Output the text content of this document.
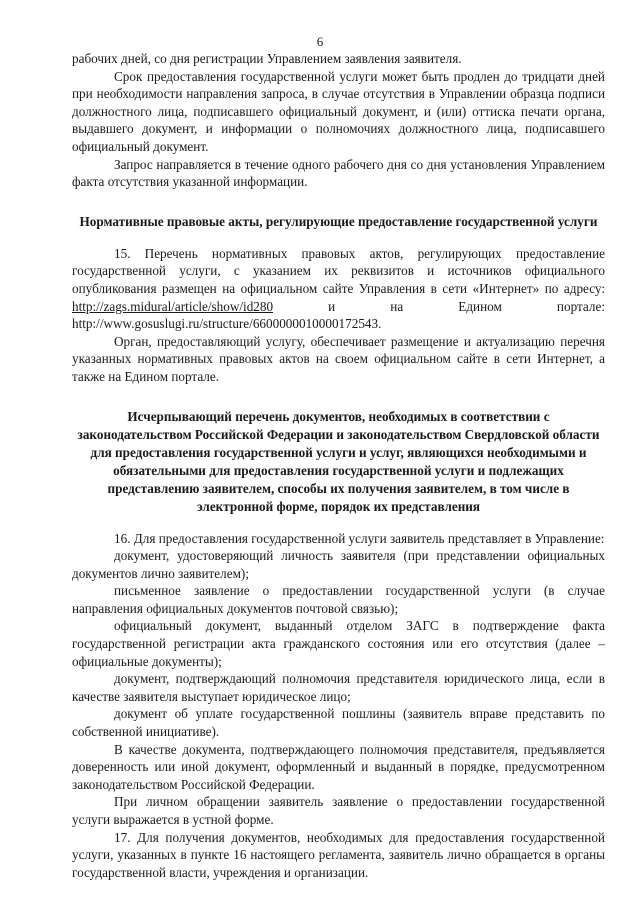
6

рабочих дней, со дня регистрации Управлением заявления заявителя.

Срок предоставления государственной услуги может быть продлен до тридцати дней при необходимости направления запроса, в случае отсутствия в Управлении образца подписи должностного лица, подписавшего официальный документ, и (или) оттиска печати органа, выдавшего документ, и информации о полномочиях должностного лица, подписавшего официальный документ.

Запрос направляется в течение одного рабочего дня со дня установления Управлением факта отсутствия указанной информации.

Нормативные правовые акты, регулирующие предоставление государственной услуги

15. Перечень нормативных правовых актов, регулирующих предоставление государственной услуги, с указанием их реквизитов и источников официального опубликования размещен на официальном сайте Управления в сети «Интернет» по адресу: http://zags.midural/article/show/id280 и на Едином портале: http://www.gosuslugi.ru/structure/6600000010000172543.

Орган, предоставляющий услугу, обеспечивает размещение и актуализацию перечня указанных нормативных правовых актов на своем официальном сайте в сети Интернет, а также на Едином портале.

Исчерпывающий перечень документов, необходимых в соответствии с законодательством Российской Федерации и законодательством Свердловской области для предоставления государственной услуги и услуг, являющихся необходимыми и обязательными для предоставления государственной услуги и подлежащих представлению заявителем, способы их получения заявителем, в том числе в электронной форме, порядок их представления

16. Для предоставления государственной услуги заявитель представляет в Управление:

документ, удостоверяющий личность заявителя (при представлении официальных документов лично заявителем);

письменное заявление о предоставлении государственной услуги (в случае направления официальных документов почтовой связью);

официальный документ, выданный отделом ЗАГС в подтверждение факта государственной регистрации акта гражданского состояния или его отсутствия (далее – официальные документы);

документ, подтверждающий полномочия представителя юридического лица, если в качестве заявителя выступает юридическое лицо;

документ об уплате государственной пошлины (заявитель вправе представить по собственной инициативе).

В качестве документа, подтверждающего полномочия представителя, предъявляется доверенность или иной документ, оформленный и выданный в порядке, предусмотренном законодательством Российской Федерации.

При личном обращении заявитель заявление о предоставлении государственной услуги выражается в устной форме.

17. Для получения документов, необходимых для предоставления государственной услуги, указанных в пункте 16 настоящего регламента, заявитель лично обращается в органы государственной власти, учреждения и организации.
